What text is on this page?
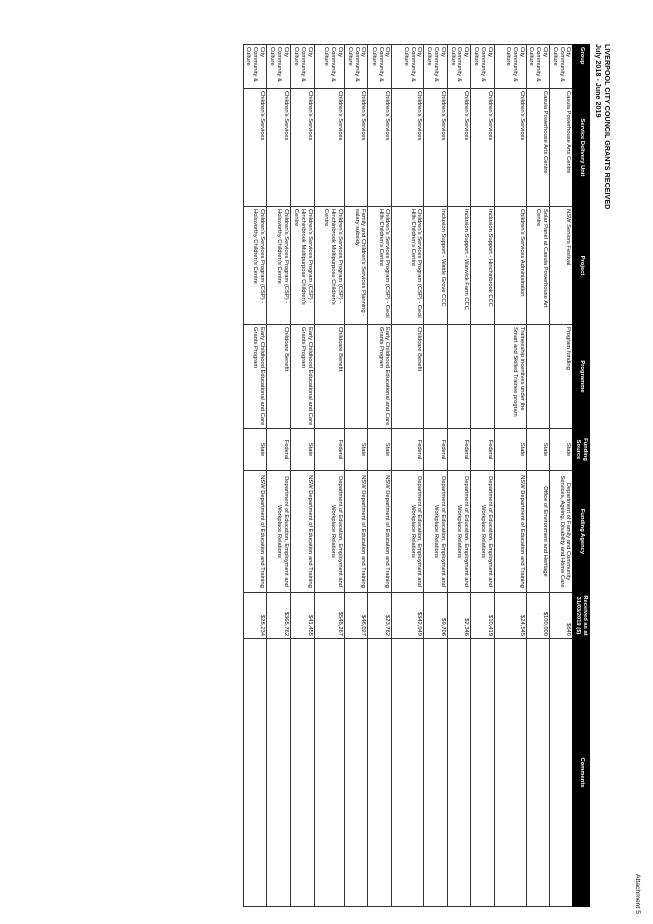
LIVERPOOL CITY COUNCIL GRANTS RECEIVED
July 2018 - June 2019
Attachment 5
Group	Service Delivery Unit	Project	Programme	Funding Source	Funding Agency	Received as at 31/03/2019 ($)	Comments
City Community & Culture	Casula Powerhouse Arts Centre	NSW Seniors Festival	Program funding	State	Department of Family and Community Services, Ageing, Disability and Home Care	$840	
City Community & Culture	Casula Powerhouse Arts Centre	Solar Panel at Casula Powerhouse Art Centre		State	Office of Environment and Heritage	$100,000	
City Community & Culture	Children's Services	Children's Services Administration	Traineeship incentives under the Smart and Skilled Trainee program	State	NSW Department of Education and Training	$24,545	
City Community & Culture	Children's Services	Inclusion Support - Hinchinbrook CCC		Federal	Department of Education, Employment and Workplace Relations	$10,419	
City Community & Culture	Children's Services	Inclusion Support - Warwick Farm CCC		Federal	Department of Education, Employment and Workplace Relations	$2,346	
City Community & Culture	Children's Services	Inclusion Support - Wattle Grove CCC		Federal	Department of Education, Employment and Workplace Relations	$9,706	
City Community & Culture	Children's Services	Children's Services Program (CSP) - Cecil Hills Children's Centre	Childcare Benefit	Federal	Department of Education, Employment and Workplace Relations	$342,049	
City Community & Culture	Children's Services	Children's Services Program (CSP) - Cecil Hills Children's Centre	Early Childhood Educational and Care Grants Program	State	NSW Department of Education and Training	$23,762	
City Community & Culture	Children's Services	Family and Children's Services Planning - salary subsidy		State	NSW Department of Education and Training	$46,027	
City Community & Culture	Children's Services	Children's Services Program (CSP) - Hinchinbrook Multipurpose Children's Centre	Childcare Benefit	Federal	Department of Education, Employment and Workplace Relations	$548,267	
City Community & Culture	Children's Services	Children's Services Program (CSP) - Hinchinbrook Multipurpose Children's Centre	Early Childhood Educational and Care Grants Program	State	NSW Department of Education and Training	$41,455	
City Community & Culture	Children's Services	Children's Services Program (CSP) - Holsworthy Children's Centre	Childcare Benefit	Federal	Department of Education, Employment and Workplace Relations	$365,762	
City Community & Culture	Children's Services	Children's Services Program (CSP) - Holsworthy Children's Centre	Early Childhood Educational and Care Grants Program	State	NSW Department of Education and Training	$28,234	
